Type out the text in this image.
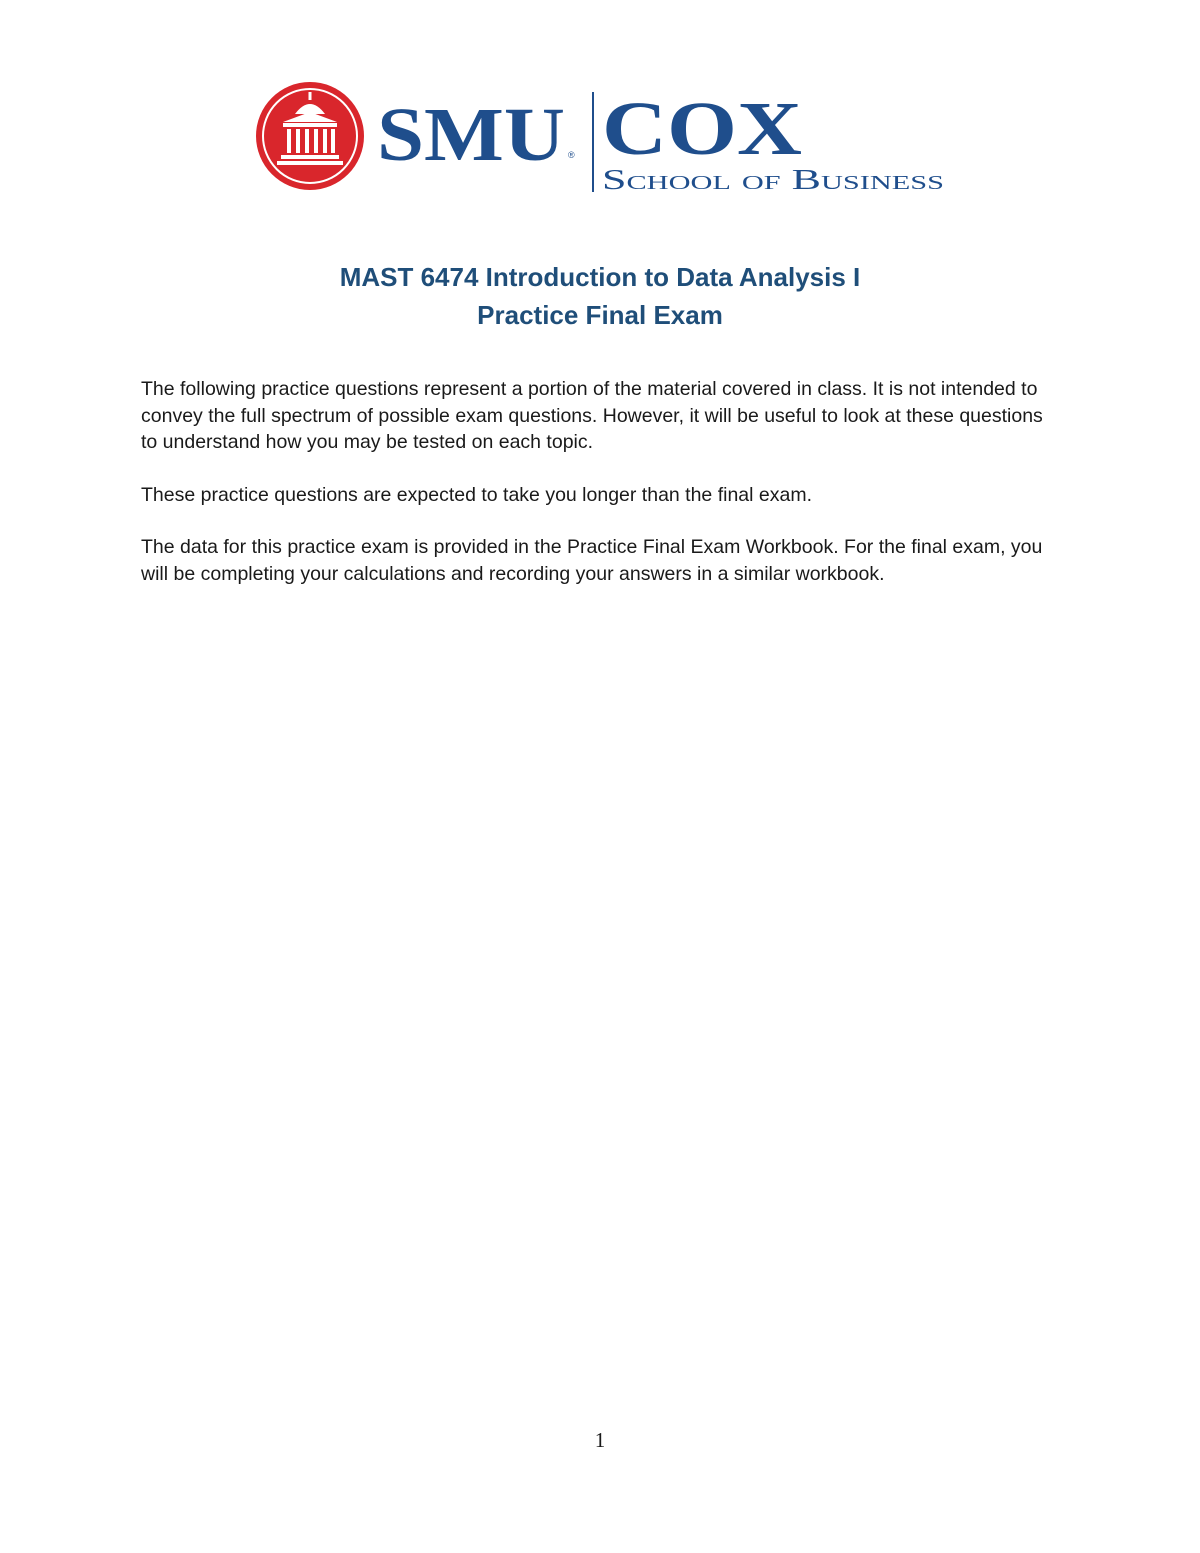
SMU ® COX
School of Business
MAST 6474 Introduction to Data Analysis I
Practice Final Exam

The following practice questions represent a portion of the material covered in class. It is not intended to convey the full spectrum of possible exam questions. However, it will be useful to look at these questions to understand how you may be tested on each topic.

These practice questions are expected to take you longer than the final exam.

The data for this practice exam is provided in the Practice Final Exam Workbook. For the final exam, you will be completing your calculations and recording your answers in a similar workbook.

1
